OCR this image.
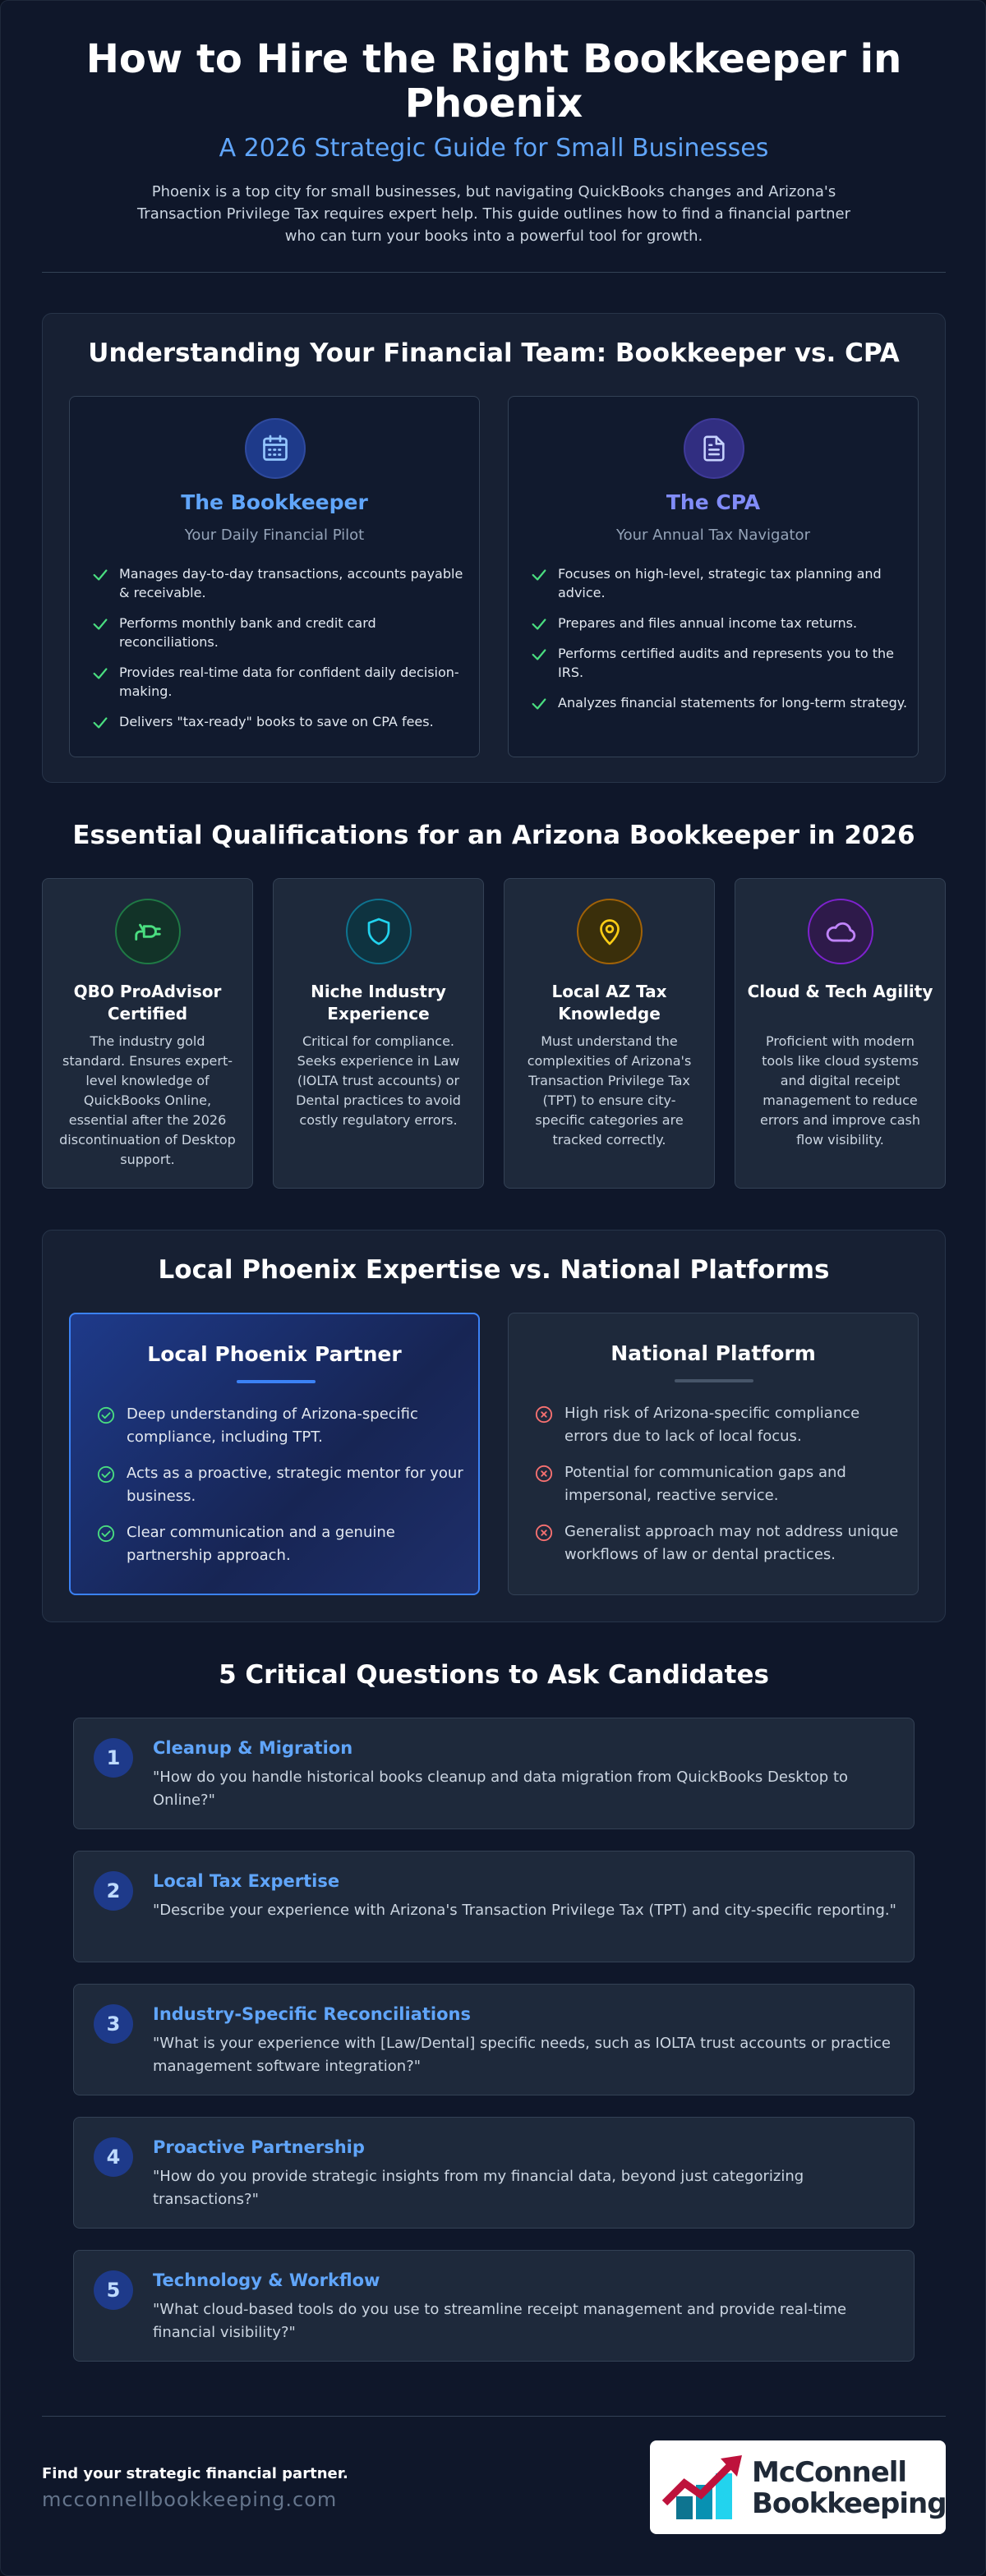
How to Hire the Right Bookkeeper in Phoenix
A 2026 Strategic Guide for Small Businesses

Phoenix is a top city for small businesses, but navigating QuickBooks changes and Arizona's Transaction Privilege Tax requires expert help. This guide outlines how to find a financial partner who can turn your books into a powerful tool for growth.

Understanding Your Financial Team: Bookkeeper vs. CPA
The Bookkeeper
Your Daily Financial Pilot
Manages day-to-day transactions, accounts payable & receivable.
Performs monthly bank and credit card reconciliations.
Provides real-time data for confident daily decision-making.
Delivers "tax-ready" books to save on CPA fees.
The CPA
Your Annual Tax Navigator
Focuses on high-level, strategic tax planning and advice.
Prepares and files annual income tax returns.
Performs certified audits and represents you to the IRS.
Analyzes financial statements for long-term strategy.
Essential Qualifications for an Arizona Bookkeeper in 2026
QBO ProAdvisor Certified
The industry gold standard. Ensures expert-level knowledge of QuickBooks Online, essential after the 2026 discontinuation of Desktop support.
Niche Industry Experience
Critical for compliance. Seeks experience in Law (IOLTA trust accounts) or Dental practices to avoid costly regulatory errors.
Local AZ Tax Knowledge
Must understand the complexities of Arizona's Transaction Privilege Tax (TPT) to ensure city-specific categories are tracked correctly.
Cloud & Tech Agility
Proficient with modern tools like cloud systems and digital receipt management to reduce errors and improve cash flow visibility.
Local Phoenix Expertise vs. National Platforms
Local Phoenix Partner
Deep understanding of Arizona-specific compliance, including TPT.
Acts as a proactive, strategic mentor for your business.
Clear communication and a genuine partnership approach.
National Platform
High risk of Arizona-specific compliance errors due to lack of local focus.
Potential for communication gaps and impersonal, reactive service.
Generalist approach may not address unique workflows of law or dental practices.
5 Critical Questions to Ask Candidates
1	Cleanup & Migration
"How do you handle historical books cleanup and data migration from QuickBooks Desktop to Online?"
2	Local Tax Expertise
"Describe your experience with Arizona's Transaction Privilege Tax (TPT) and city-specific reporting."
3	Industry-Specific Reconciliations
"What is your experience with [Law/Dental] specific needs, such as IOLTA trust accounts or practice management software integration?"
4	Proactive Partnership
"How do you provide strategic insights from my financial data, beyond just categorizing transactions?"
5	Technology & Workflow
"What cloud-based tools do you use to streamline receipt management and provide real-time financial visibility?"
Find your strategic financial partner.
mcconnellbookkeeping.com
McConnell
Bookkeeping
